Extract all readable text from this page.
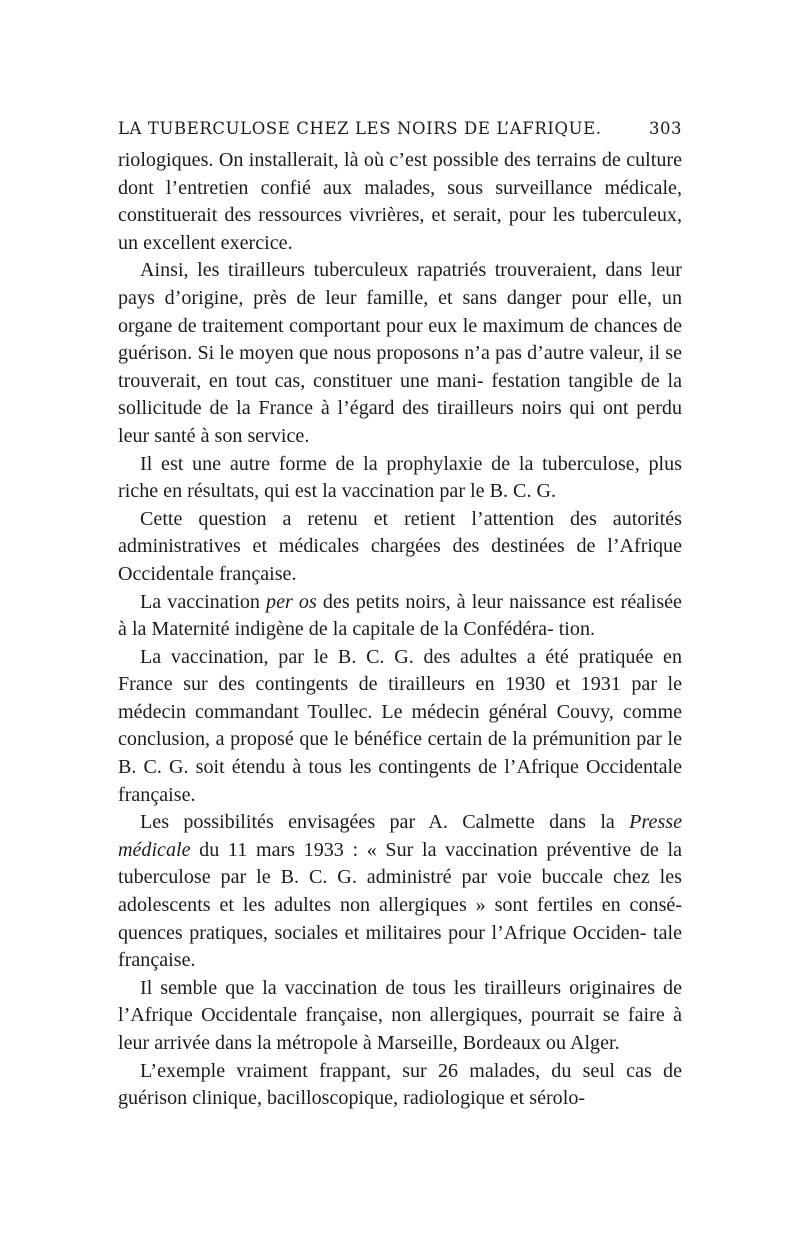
LA TUBERCULOSE CHEZ LES NOIRS DE L’AFRIQUE.	303

riologiques. On installerait, là où c’est possible des terrains de culture dont l’entretien confié aux malades, sous surveillance médicale, constituerait des ressources vivrières, et serait, pour les tuberculeux, un excellent exercice.

Ainsi, les tirailleurs tuberculeux rapatriés trouveraient, dans leur pays d’origine, près de leur famille, et sans danger pour elle, un organe de traitement comportant pour eux le maximum de chances de guérison. Si le moyen que nous proposons n’a pas d’autre valeur, il se trouverait, en tout cas, constituer une mani- festation tangible de la sollicitude de la France à l’égard des tirailleurs noirs qui ont perdu leur santé à son service.

Il est une autre forme de la prophylaxie de la tuberculose, plus riche en résultats, qui est la vaccination par le B. C. G.

Cette question a retenu et retient l’attention des autorités administratives et médicales chargées des destinées de l’Afrique Occidentale française.

La vaccination per os des petits noirs, à leur naissance est réalisée à la Maternité indigène de la capitale de la Confédéra- tion.

La vaccination, par le B. C. G. des adultes a été pratiquée en France sur des contingents de tirailleurs en 1930 et 1931 par le médecin commandant Toullec. Le médecin général Couvy, comme conclusion, a proposé que le bénéfice certain de la prémunition par le B. C. G. soit étendu à tous les contingents de l’Afrique Occidentale française.

Les possibilités envisagées par A. Calmette dans la Presse médicale du 11 mars 1933 : « Sur la vaccination préventive de la tuberculose par le B. C. G. administré par voie buccale chez les adolescents et les adultes non allergiques » sont fertiles en consé- quences pratiques, sociales et militaires pour l’Afrique Occiden- tale française.

Il semble que la vaccination de tous les tirailleurs originaires de l’Afrique Occidentale française, non allergiques, pourrait se faire à leur arrivée dans la métropole à Marseille, Bordeaux ou Alger.

L’exemple vraiment frappant, sur 26 malades, du seul cas de guérison clinique, bacilloscopique, radiologique et sérolo-
